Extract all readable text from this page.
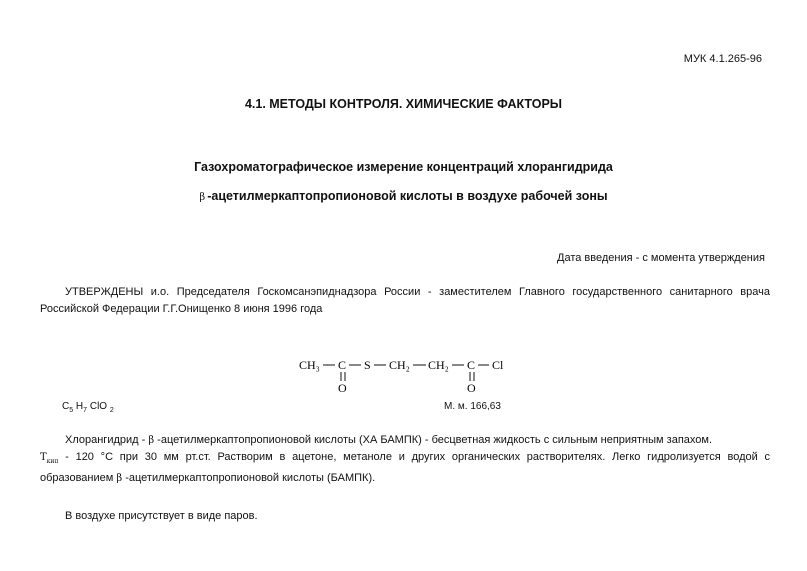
МУК 4.1.265-96
4.1. МЕТОДЫ КОНТРОЛЯ. ХИМИЧЕСКИЕ ФАКТОРЫ
Газохроматографическое измерение концентраций хлорангидрида
β -ацетилмеркаптопропионовой кислоты в воздухе рабочей зоны
Дата введения - с момента утверждения
УТВЕРЖДЕНЫ и.о. Председателя Госкомсанэпиднадзора России - заместителем Главного государственного санитарного врача Российской Федерации Г.Г.Онищенко 8 июня 1996 года
CH₃ C S CH₂ CH₂ C Cl
O	O
$C_5$ $H_7$ ClO $_2$	М. м. 166,63
Хлорангидрид - β -ацетилмеркаптопропионовой кислоты (ХА БАМПК) - бесцветная жидкость с сильным неприятным запахом.
$T_{кип} - 120$ °С при 30 мм рт.ст. Растворим в ацетоне, метаноле и других органических растворителях. Легко гидролизуется водой с образованием β -ацетилмеркаптопропионовой кислоты (БАМПК).
В воздухе присутствует в виде паров.
